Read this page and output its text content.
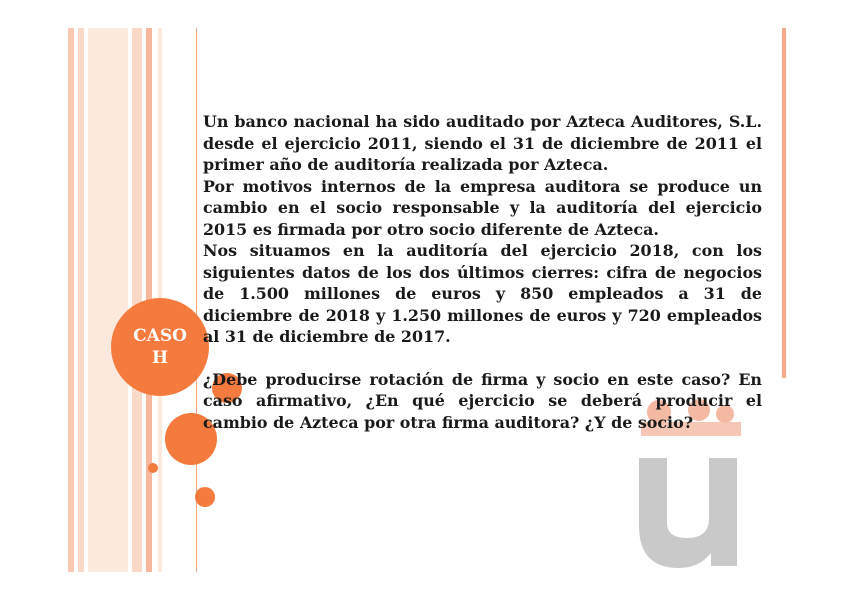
CASO
H

Un banco nacional ha sido auditado por Azteca Auditores, S.L. desde el ejercicio 2011, siendo el 31 de diciembre de 2011 el primer año de auditoría realizada por Azteca.

Por motivos internos de la empresa auditora se produce un cambio en el socio responsable y la auditoría del ejercicio 2015 es firmada por otro socio diferente de Azteca.

Nos situamos en la auditoría del ejercicio 2018, con los siguientes datos de los dos últimos cierres: cifra de negocios de 1.500 millones de euros y 850 empleados a 31 de diciembre de 2018 y 1.250 millones de euros y 720 empleados al 31 de diciembre de 2017.

¿Debe producirse rotación de firma y socio en este caso? En caso afirmativo, ¿En qué ejercicio se deberá producir el cambio de Azteca por otra firma auditora? ¿Y de socio?
